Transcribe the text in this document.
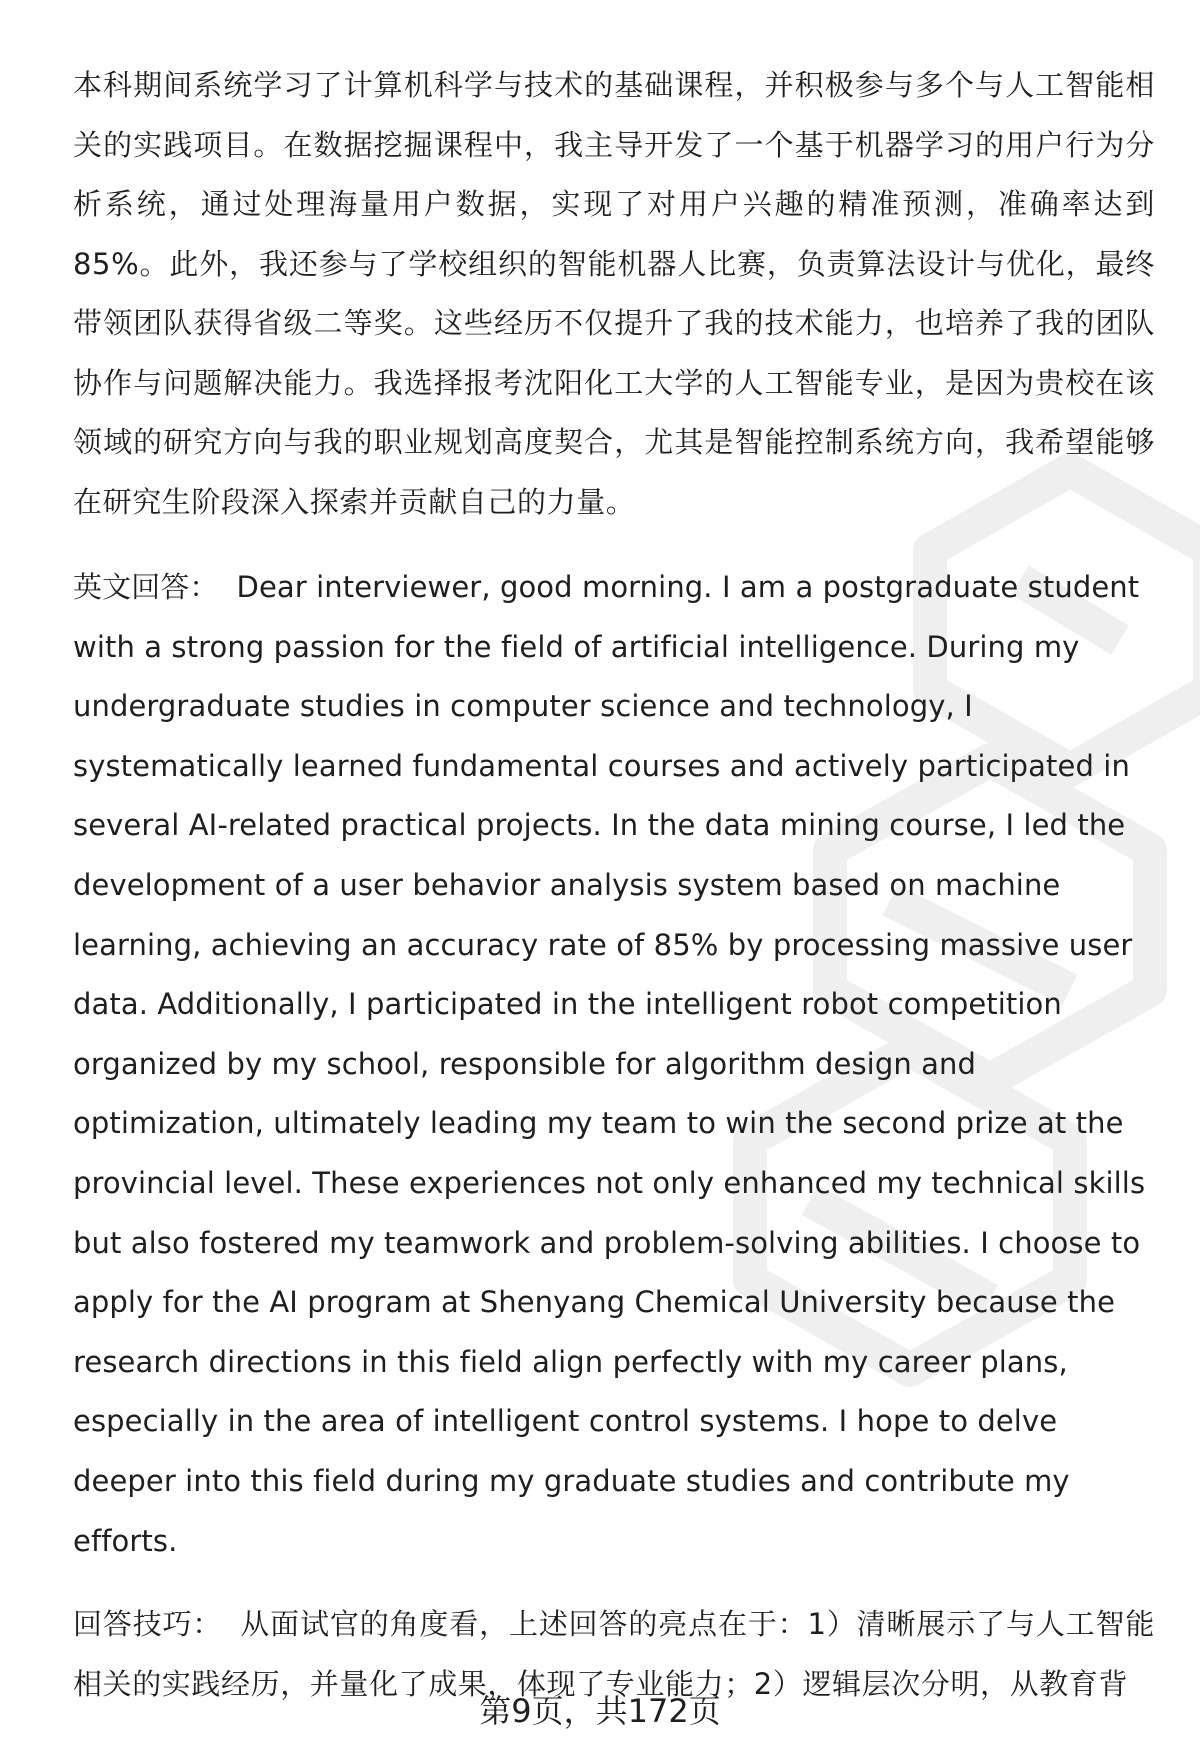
本科期间系统学习了计算机科学与技术的基础课程，并积极参与多个与人工智能相关的实践项目。在数据挖掘课程中，我主导开发了一个基于机器学习的用户行为分析系统，通过处理海量用户数据，实现了对用户兴趣的精准预测，准确率达到85%。此外，我还参与了学校组织的智能机器人比赛，负责算法设计与优化，最终带领团队获得省级二等奖。这些经历不仅提升了我的技术能力，也培养了我的团队协作与问题解决能力。我选择报考沈阳化工大学的人工智能专业，是因为贵校在该领域的研究方向与我的职业规划高度契合，尤其是智能控制系统方向，我希望能够在研究生阶段深入探索并贡献自己的力量。

英文回答： Dear interviewer, good morning. I am a postgraduate student with a strong passion for the field of artificial intelligence. During my undergraduate studies in computer science and technology, I systematically learned fundamental courses and actively participated in several AI-related practical projects. In the data mining course, I led the development of a user behavior analysis system based on machine learning, achieving an accuracy rate of 85% by processing massive user data. Additionally, I participated in the intelligent robot competition organized by my school, responsible for algorithm design and optimization, ultimately leading my team to win the second prize at the provincial level. These experiences not only enhanced my technical skills but also fostered my teamwork and problem-solving abilities. I choose to apply for the AI program at Shenyang Chemical University because the research directions in this field align perfectly with my career plans, especially in the area of intelligent control systems. I hope to delve deeper into this field during my graduate studies and contribute my efforts.

回答技巧： 从面试官的角度看，上述回答的亮点在于：1）清晰展示了与人工智能相关的实践经历，并量化了成果，体现了专业能力；2）逻辑层次分明，从教育背

第9页，共172页
